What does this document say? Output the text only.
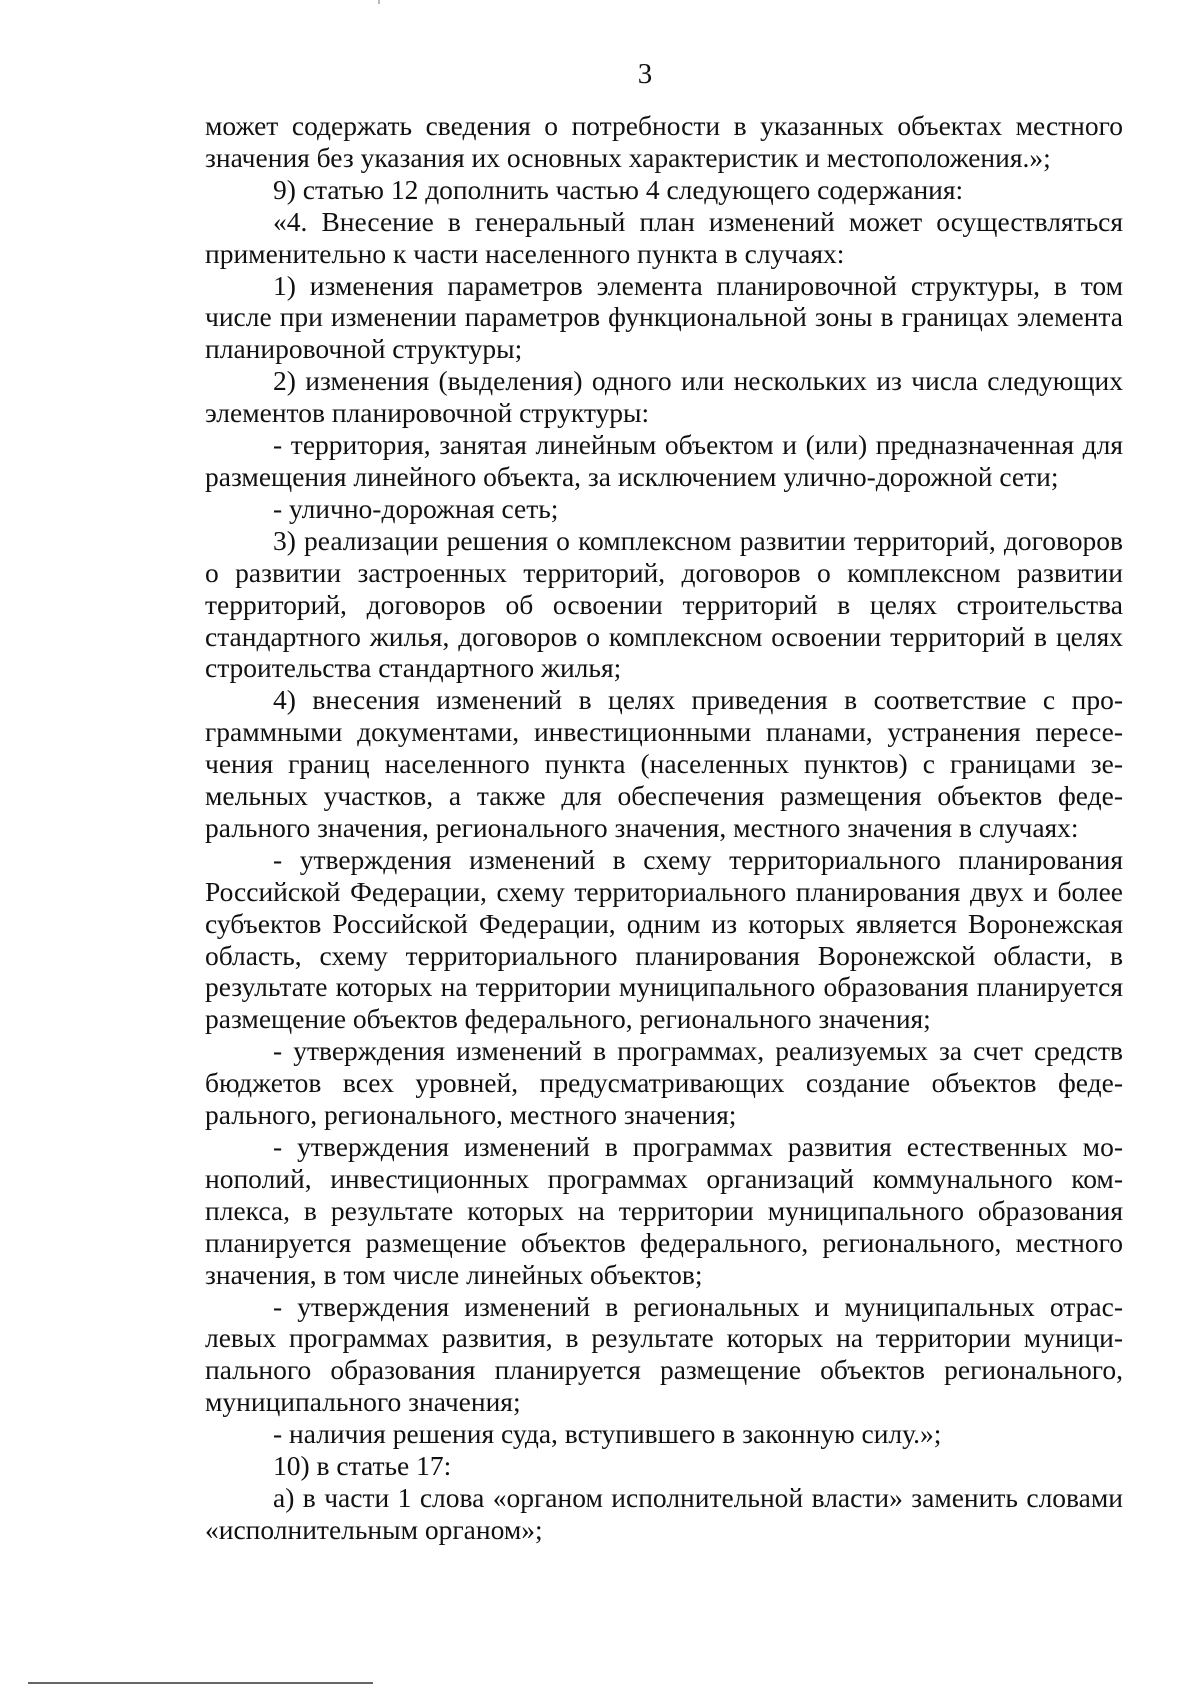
3

может содержать сведения о потребности в указанных объектах местного значения без указания их основных характеристик и местоположения.»;

9) статью 12 дополнить частью 4 следующего содержания:

«4. Внесение в генеральный план изменений может осуществляться применительно к части населенного пункта в случаях:

1) изменения параметров элемента планировочной структуры, в том числе при изменении параметров функциональной зоны в границах элемента планировочной структуры;

2) изменения (выделения) одного или нескольких из числа следующих элементов планировочной структуры:

- территория, занятая линейным объектом и (или) предназначенная для размещения линейного объекта, за исключением улично-дорожной сети;

- улично-дорожная сеть;

3) реализации решения о комплексном развитии территорий, договоров о развитии застроенных территорий, договоров о комплексном развитии территорий, договоров об освоении территорий в целях строительства стандартного жилья, договоров о комплексном освоении территорий в целях строительства стандартного жилья;

4) внесения изменений в целях приведения в соответствие с программными документами, инвестиционными планами, устранения пересечения границ населенного пункта (населенных пунктов) с границами земельных участков, а также для обеспечения размещения объектов федерального значения, регионального значения, местного значения в случаях:

- утверждения изменений в схему территориального планирования Российской Федерации, схему территориального планирования двух и более субъектов Российской Федерации, одним из которых является Воронежская область, схему территориального планирования Воронежской области, в результате которых на территории муниципального образования планируется размещение объектов федерального, регионального значения;

- утверждения изменений в программах, реализуемых за счет средств бюджетов всех уровней, предусматривающих создание объектов федерального, регионального, местного значения;

- утверждения изменений в программах развития естественных монополий, инвестиционных программах организаций коммунального комплекса, в результате которых на территории муниципального образования планируется размещение объектов федерального, регионального, местного значения, в том числе линейных объектов;

- утверждения изменений в региональных и муниципальных отраслевых программах развития, в результате которых на территории муниципального образования планируется размещение объектов регионального, муниципального значения;

- наличия решения суда, вступившего в законную силу.»;

10) в статье 17:

а) в части 1 слова «органом исполнительной власти» заменить словами «исполнительным органом»;
